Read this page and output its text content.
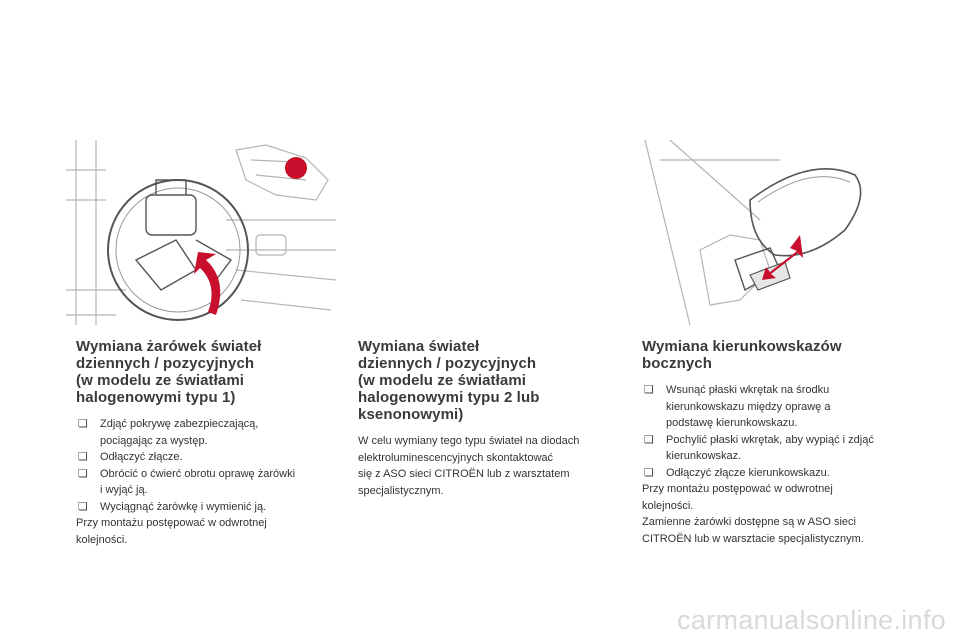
Wymiana żarówek świateł
dziennych / pozycyjnych
(w modelu ze światłami
halogenowymi typu 1)
❏ Zdjąć pokrywę zabezpieczającą,
pociągając za występ.
❏ Odłączyć złącze.
❏ Obrócić o ćwierć obrotu oprawę żarówki
i wyjąć ją.
❏ Wyciągnąć żarówkę i wymienić ją.

Przy montażu postępować w odwrotnej
kolejności.

Wymiana świateł
dziennych / pozycyjnych
(w modelu ze światłami
halogenowymi typu 2 lub
ksenonowymi)

W celu wymiany tego typu świateł na diodach
elektroluminescencyjnych skontaktować
się z ASO sieci CITROËN lub z warsztatem
specjalistycznym.

Wymiana kierunkowskazów
bocznych
❏ Wsunąć płaski wkrętak na środku
kierunkowskazu między oprawę a
podstawę kierunkowskazu.
❏ Pochylić płaski wkrętak, aby wypiąć i zdjąć
kierunkowskaz.
❏ Odłączyć złącze kierunkowskazu.

Przy montażu postępować w odwrotnej
kolejności.
Zamienne żarówki dostępne są w ASO sieci
CITROËN lub w warsztacie specjalistycznym.

carmanualsonline.info
